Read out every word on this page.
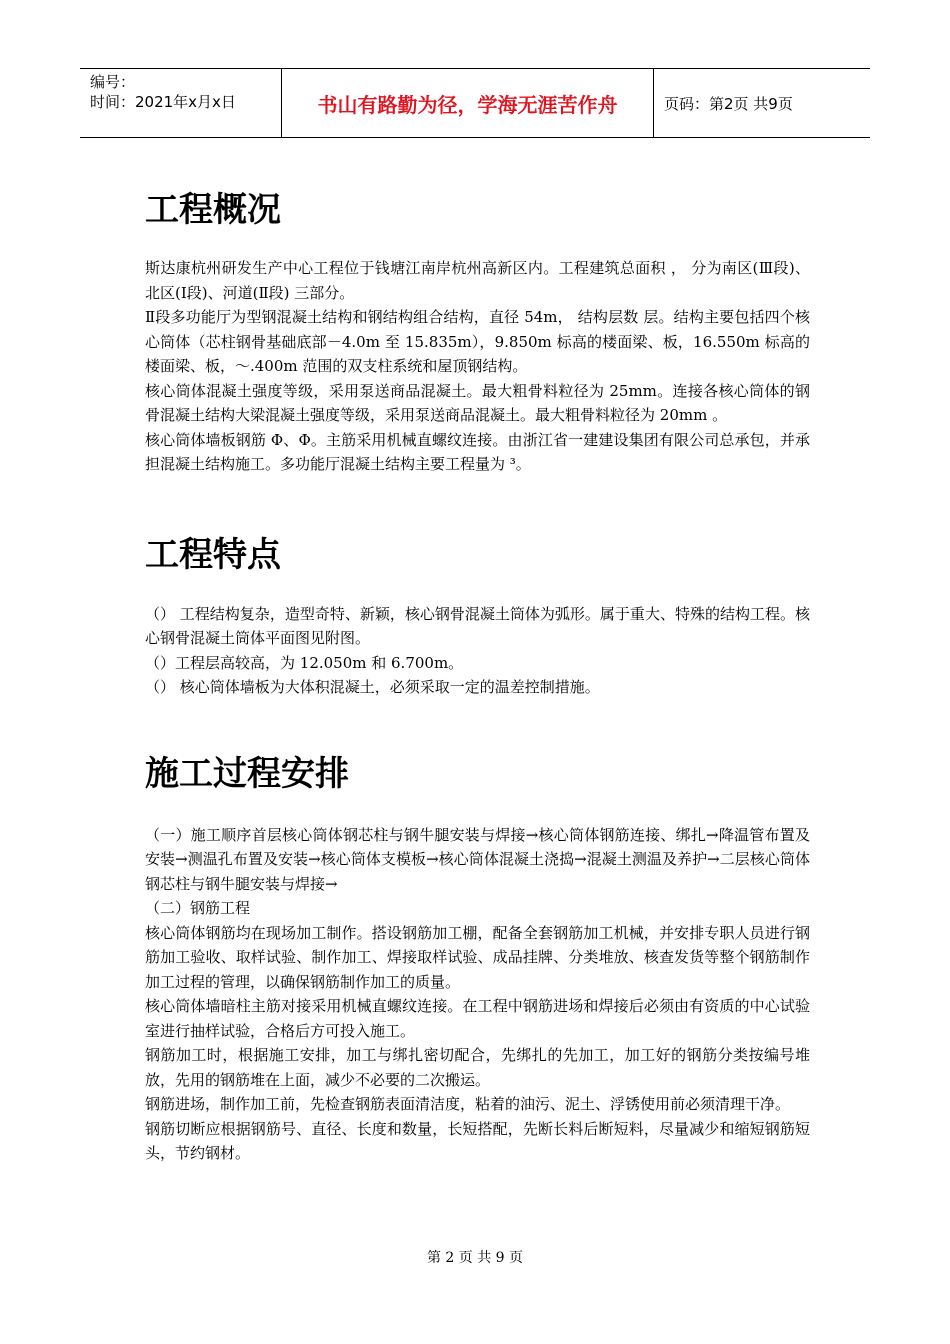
编号：
时间：2021年x月x日	书山有路勤为径，学海无涯苦作舟	页码：第2页 共9页
工程概况

斯达康杭州研发生产中心工程位于钱塘江南岸杭州高新区内。工程建筑总面积 ， 分为南区(Ⅲ段)、北区(Ⅰ段)、河道(Ⅱ段) 三部分。

Ⅱ段多功能厅为型钢混凝土结构和钢结构组合结构，直径 54m， 结构层数 层。结构主要包括四个核心筒体（芯柱钢骨基础底部－4.0m 至 15.835m），9.850m 标高的楼面梁、板，16.550m 标高的楼面梁、板，～.400m 范围的双支柱系统和屋顶钢结构。

核心筒体混凝土强度等级，采用泵送商品混凝土。最大粗骨料粒径为 25mm。连接各核心筒体的钢骨混凝土结构大梁混凝土强度等级，采用泵送商品混凝土。最大粗骨料粒径为 20mm 。

核心筒体墙板钢筋 Φ、Φ。主筋采用机械直螺纹连接。由浙江省一建建设集团有限公司总承包，并承担混凝土结构施工。多功能厅混凝土结构主要工程量为 ³。

工程特点

（） 工程结构复杂，造型奇特、新颖，核心钢骨混凝土筒体为弧形。属于重大、特殊的结构工程。核心钢骨混凝土筒体平面图见附图。

（）工程层高较高，为 12.050m 和 6.700m。

（） 核心筒体墙板为大体积混凝土，必须采取一定的温差控制措施。

施工过程安排

（一）施工顺序首层核心筒体钢芯柱与钢牛腿安装与焊接→核心筒体钢筋连接、绑扎→降温管布置及安装→测温孔布置及安装→核心筒体支模板→核心筒体混凝土浇捣→混凝土测温及养护→二层核心筒体钢芯柱与钢牛腿安装与焊接→

（二）钢筋工程

核心筒体钢筋均在现场加工制作。搭设钢筋加工棚，配备全套钢筋加工机械，并安排专职人员进行钢筋加工验收、取样试验、制作加工、焊接取样试验、成品挂牌、分类堆放、核查发货等整个钢筋制作加工过程的管理，以确保钢筋制作加工的质量。

核心筒体墙暗柱主筋对接采用机械直螺纹连接。在工程中钢筋进场和焊接后必须由有资质的中心试验室进行抽样试验，合格后方可投入施工。

钢筋加工时，根据施工安排，加工与绑扎密切配合，先绑扎的先加工，加工好的钢筋分类按编号堆放，先用的钢筋堆在上面，减少不必要的二次搬运。

钢筋进场，制作加工前，先检查钢筋表面清洁度，粘着的油污、泥土、浮锈使用前必须清理干净。

钢筋切断应根据钢筋号、直径、长度和数量，长短搭配，先断长料后断短料，尽量减少和缩短钢筋短头，节约钢材。

第 2 页 共 9 页
